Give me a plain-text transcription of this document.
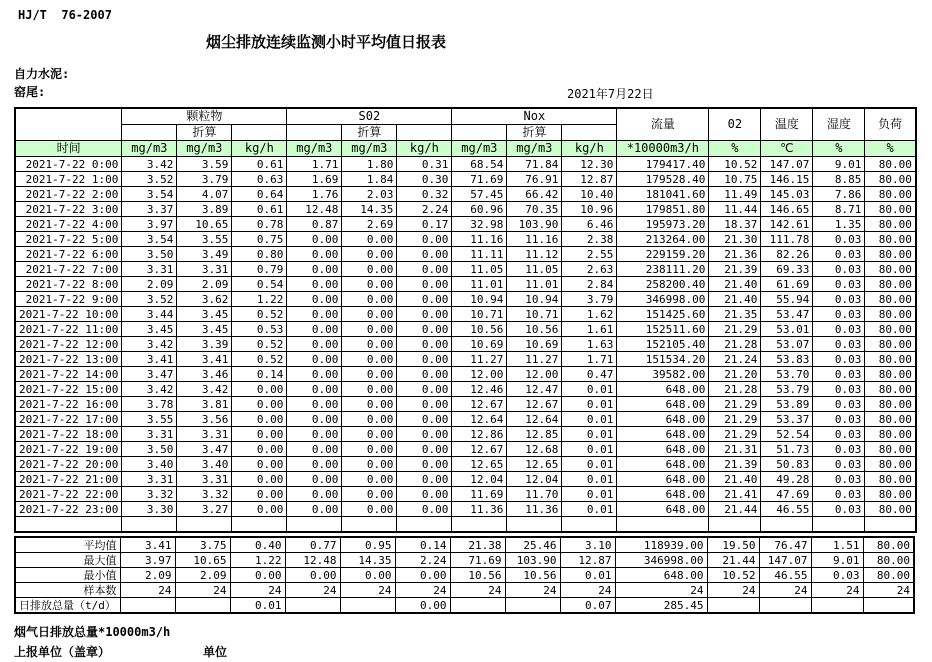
HJ/T  76-2007
烟尘排放连续监测小时平均值日报表
自力水泥:
窑尾:	2021年7月22日
	颗粒物			S02			Nox			流量	02	温度	湿度	负荷
		折算			折算			折算						
时间	mg/m3	mg/m3	kg/h	mg/m3	mg/m3	kg/h	mg/m3	mg/m3	kg/h	*10000m3/h	%	℃	%	%
2021-7-22 0:00	3.42	3.59	0.61	1.71	1.80	0.31	68.54	71.84	12.30	179417.40	10.52	147.07	9.01	80.00
2021-7-22 1:00	3.52	3.79	0.63	1.69	1.84	0.30	71.69	76.91	12.87	179528.40	10.75	146.15	8.85	80.00
2021-7-22 2:00	3.54	4.07	0.64	1.76	2.03	0.32	57.45	66.42	10.40	181041.60	11.49	145.03	7.86	80.00
2021-7-22 3:00	3.37	3.89	0.61	12.48	14.35	2.24	60.96	70.35	10.96	179851.80	11.44	146.65	8.71	80.00
2021-7-22 4:00	3.97	10.65	0.78	0.87	2.69	0.17	32.98	103.90	6.46	195973.20	18.37	142.61	1.35	80.00
2021-7-22 5:00	3.54	3.55	0.75	0.00	0.00	0.00	11.16	11.16	2.38	213264.00	21.30	111.78	0.03	80.00
2021-7-22 6:00	3.50	3.49	0.80	0.00	0.00	0.00	11.11	11.12	2.55	229159.20	21.36	82.26	0.03	80.00
2021-7-22 7:00	3.31	3.31	0.79	0.00	0.00	0.00	11.05	11.05	2.63	238111.20	21.39	69.33	0.03	80.00
2021-7-22 8:00	2.09	2.09	0.54	0.00	0.00	0.00	11.01	11.01	2.84	258200.40	21.40	61.69	0.03	80.00
2021-7-22 9:00	3.52	3.62	1.22	0.00	0.00	0.00	10.94	10.94	3.79	346998.00	21.40	55.94	0.03	80.00
2021-7-22 10:00	3.44	3.45	0.52	0.00	0.00	0.00	10.71	10.71	1.62	151425.60	21.35	53.47	0.03	80.00
2021-7-22 11:00	3.45	3.45	0.53	0.00	0.00	0.00	10.56	10.56	1.61	152511.60	21.29	53.01	0.03	80.00
2021-7-22 12:00	3.42	3.39	0.52	0.00	0.00	0.00	10.69	10.69	1.63	152105.40	21.28	53.07	0.03	80.00
2021-7-22 13:00	3.41	3.41	0.52	0.00	0.00	0.00	11.27	11.27	1.71	151534.20	21.24	53.83	0.03	80.00
2021-7-22 14:00	3.47	3.46	0.14	0.00	0.00	0.00	12.00	12.00	0.47	39582.00	21.20	53.70	0.03	80.00
2021-7-22 15:00	3.42	3.42	0.00	0.00	0.00	0.00	12.46	12.47	0.01	648.00	21.28	53.79	0.03	80.00
2021-7-22 16:00	3.78	3.81	0.00	0.00	0.00	0.00	12.67	12.67	0.01	648.00	21.29	53.89	0.03	80.00
2021-7-22 17:00	3.55	3.56	0.00	0.00	0.00	0.00	12.64	12.64	0.01	648.00	21.29	53.37	0.03	80.00
2021-7-22 18:00	3.31	3.31	0.00	0.00	0.00	0.00	12.86	12.85	0.01	648.00	21.29	52.54	0.03	80.00
2021-7-22 19:00	3.50	3.47	0.00	0.00	0.00	0.00	12.67	12.68	0.01	648.00	21.31	51.73	0.03	80.00
2021-7-22 20:00	3.40	3.40	0.00	0.00	0.00	0.00	12.65	12.65	0.01	648.00	21.39	50.83	0.03	80.00
2021-7-22 21:00	3.31	3.31	0.00	0.00	0.00	0.00	12.04	12.04	0.01	648.00	21.40	49.28	0.03	80.00
2021-7-22 22:00	3.32	3.32	0.00	0.00	0.00	0.00	11.69	11.70	0.01	648.00	21.41	47.69	0.03	80.00
2021-7-22 23:00	3.30	3.27	0.00	0.00	0.00	0.00	11.36	11.36	0.01	648.00	21.44	46.55	0.03	80.00

平均值	3.41	3.75	0.40	0.77	0.95	0.14	21.38	25.46	3.10	118939.00	19.50	76.47	1.51	80.00
最大值	3.97	10.65	1.22	12.48	14.35	2.24	71.69	103.90	12.87	346998.00	21.44	147.07	9.01	80.00
最小值	2.09	2.09	0.00	0.00	0.00	0.00	10.56	10.56	0.01	648.00	10.52	46.55	0.03	80.00
样本数	24	24	24	24	24	24	24	24	24	24	24	24	24	24
日排放总量（t/d）			0.01			0.00			0.07	285.45				
烟气日排放总量*10000m3/h
上报单位（盖章）	单位
